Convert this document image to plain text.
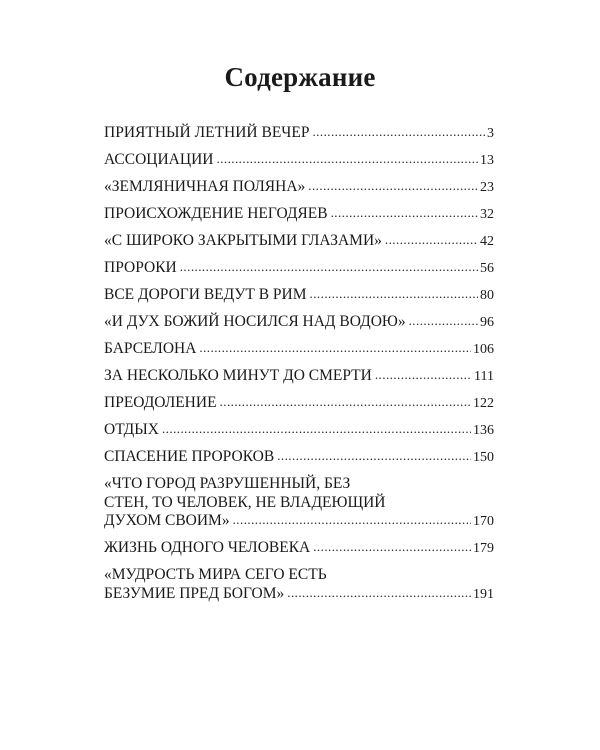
Содержание
ПРИЯТНЫЙ ЛЕТНИЙ ВЕЧЕР . . .	3
АССОЦИАЦИИ . . .	13
«ЗЕМЛЯНИЧНАЯ ПОЛЯНА» . . .	23
ПРОИСХОЖДЕНИЕ НЕГОДЯЕВ . . .	32
«С ШИРОКО ЗАКРЫТЫМИ ГЛАЗАМИ» . . .	42
ПРОРОКИ . . .	56
ВСЕ ДОРОГИ ВЕДУТ В РИМ . . .	80
«И ДУХ БОЖИЙ НОСИЛСЯ НАД ВОДОЮ» . . .	96
БАРСЕЛОНА . . .	106
ЗА НЕСКОЛЬКО МИНУТ ДО СМЕРТИ . . .	111
ПРЕОДОЛЕНИЕ . . .	122
ОТДЫХ . . .	136
СПАСЕНИЕ ПРОРОКОВ . . .	150
«ЧТО ГОРОД РАЗРУШЕННЫЙ, БЕЗ
СТЕН, ТО ЧЕЛОВЕК, НЕ ВЛАДЕЮЩИЙ
ДУХОМ СВОИМ» . . .	170
ЖИЗНЬ ОДНОГО ЧЕЛОВЕКА . . .	179
«МУДРОСТЬ МИРА СЕГО ЕСТЬ
БЕЗУМИЕ ПРЕД БОГОМ» . . .	191
